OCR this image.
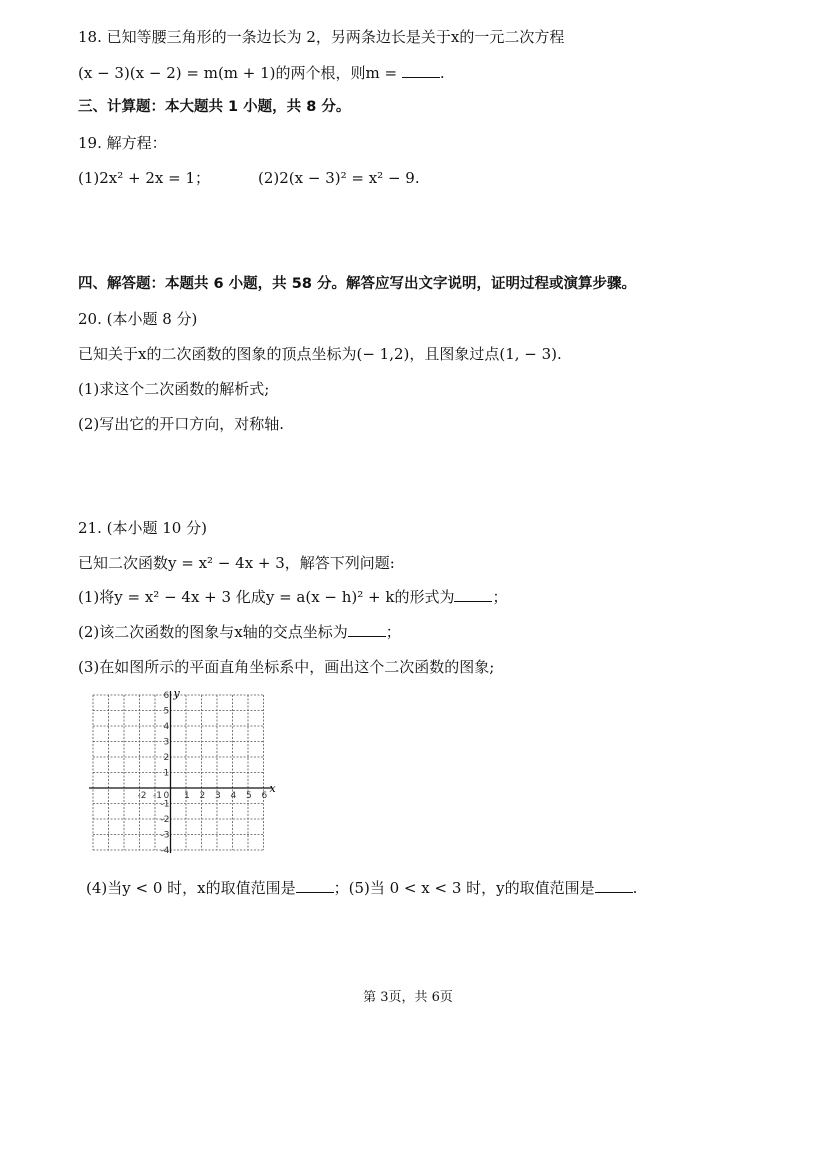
18. 已知等腰三角形的一条边长为 2，另两条边长是关于x的一元二次方程
(x − 3)(x − 2) = m(m + 1)的两个根，则m =	.
三、计算题：本大题共 1 小题，共 8 分。
19. 解方程：
(1)2x² + 2x = 1；	(2)2(x − 3)² = x² − 9.
四、解答题：本题共 6 小题，共 58 分。解答应写出文字说明，证明过程或演算步骤。
20. (本小题 8 分)
已知关于x的二次函数的图象的顶点坐标为(− 1,2)，且图象过点(1, − 3).
(1)求这个二次函数的解析式;
(2)写出它的开口方向，对称轴.
21. (本小题 10 分)
已知二次函数y = x² − 4x + 3，解答下列问题:
(1)将y = x² − 4x + 3 化成y = a(x − h)² + k的形式为	；
(2)该二次函数的图象与x轴的交点坐标为	；
(3)在如图所示的平面直角坐标系中，画出这个二次函数的图象;
-2 -1 0 1 2 3 4 5 6
6
5
4
3
2
1
-1
-2
-3
-4
x
y
(4)当y < 0 时，x的取值范围是	；(5)当 0 < x < 3 时，y的取值范围是	.
第 3页，共 6页
